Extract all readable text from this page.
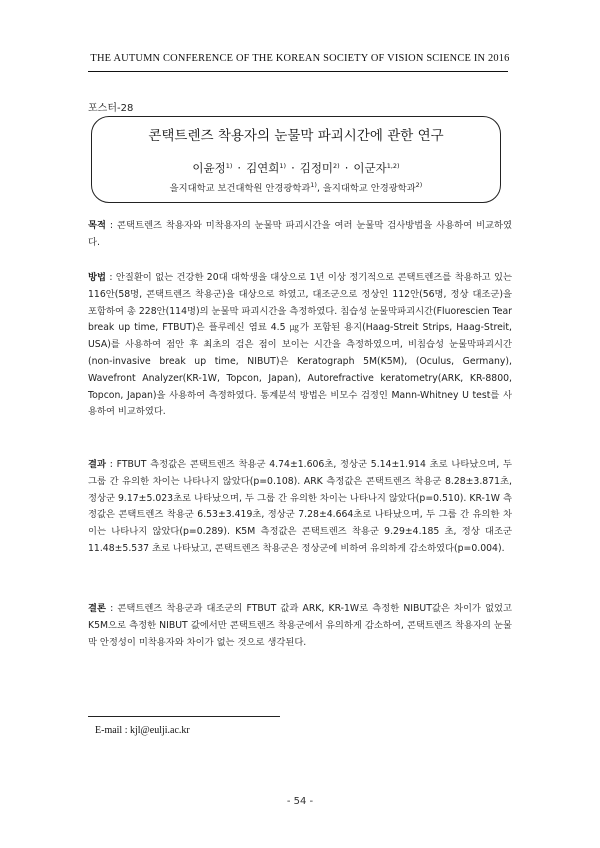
THE AUTUMN CONFERENCE OF THE KOREAN SOCIETY OF VISION SCIENCE IN 2016
포스터-28
콘택트렌즈 착용자의 눈물막 파괴시간에 관한 연구
이윤정$^{1)}$ · 김연희$^{1)}$ · 김정미$^{2)}$ · 이군자$^{1,2)}$
을지대학교 보건대학원 안경광학과$^{1)}$, 을지대학교 안경광학과$^{2)}$
목적 : 콘택트렌즈 착용자와 미착용자의 눈물막 파괴시간을 여러 눈물막 검사방법을 사용하여 비교하였다.
방법 : 안질환이 없는 건강한 20대 대학생을 대상으로 1년 이상 정기적으로 콘택트렌즈를 착용하고 있는 116안(58명, 콘택트렌즈 착용군)을 대상으로 하였고, 대조군으로 정상인 112안(56명, 정상 대조군)을 포함하여 총 228안(114명)의 눈물막 파괴시간을 측정하였다. 침습성 눈물막파괴시간(Fluorescien Tear break up time, FTBUT)은 플루레신 염료 4.5 ㎍가 포함된 용지(Haag-Streit Strips, Haag-Streit, USA)를 사용하여 점안 후 최초의 검은 점이 보이는 시간을 측정하였으며, 비침습성 눈물막파괴시간(non-invasive break up time, NIBUT)은 Keratograph 5M(K5M), (Oculus, Germany), Wavefront Analyzer(KR-1W, Topcon, Japan), Autorefractive keratometry(ARK, KR-8800, Topcon, Japan)을 사용하여 측정하였다. 통계분석 방법은 비모수 검정인 Mann-Whitney U test를 사용하여 비교하였다.
결과 : FTBUT 측정값은 콘택트렌즈 착용군 4.74±1.606초, 정상군 5.14±1.914 초로 나타났으며, 두 그룹 간 유의한 차이는 나타나지 않았다(p=0.108). ARK 측정값은 콘택트렌즈 착용군 8.28±3.871초, 정상군 9.17±5.023초로 나타났으며, 두 그룹 간 유의한 차이는 나타나지 않았다(p=0.510). KR-1W 측정값은 콘택트렌즈 착용군 6.53±3.419초, 정상군 7.28±4.664초로 나타났으며, 두 그룹 간 유의한 차이는 나타나지 않았다(p=0.289). K5M 측정값은 콘택트렌즈 착용군 9.29±4.185 초, 정상 대조군 11.48±5.537 초로 나타났고, 콘택트렌즈 착용군은 정상군에 비하여 유의하게 감소하였다(p=0.004).
결론 : 콘택트렌즈 착용군과 대조군의 FTBUT 값과 ARK, KR-1W로 측정한 NIBUT값은 차이가 없었고 K5M으로 측정한 NIBUT 값에서만 콘택트렌즈 착용군에서 유의하게 감소하여, 콘택트렌즈 착용자의 눈물막 안정성이 미착용자와 차이가 없는 것으로 생각된다.
E-mail : kjl@eulji.ac.kr
- 54 -
